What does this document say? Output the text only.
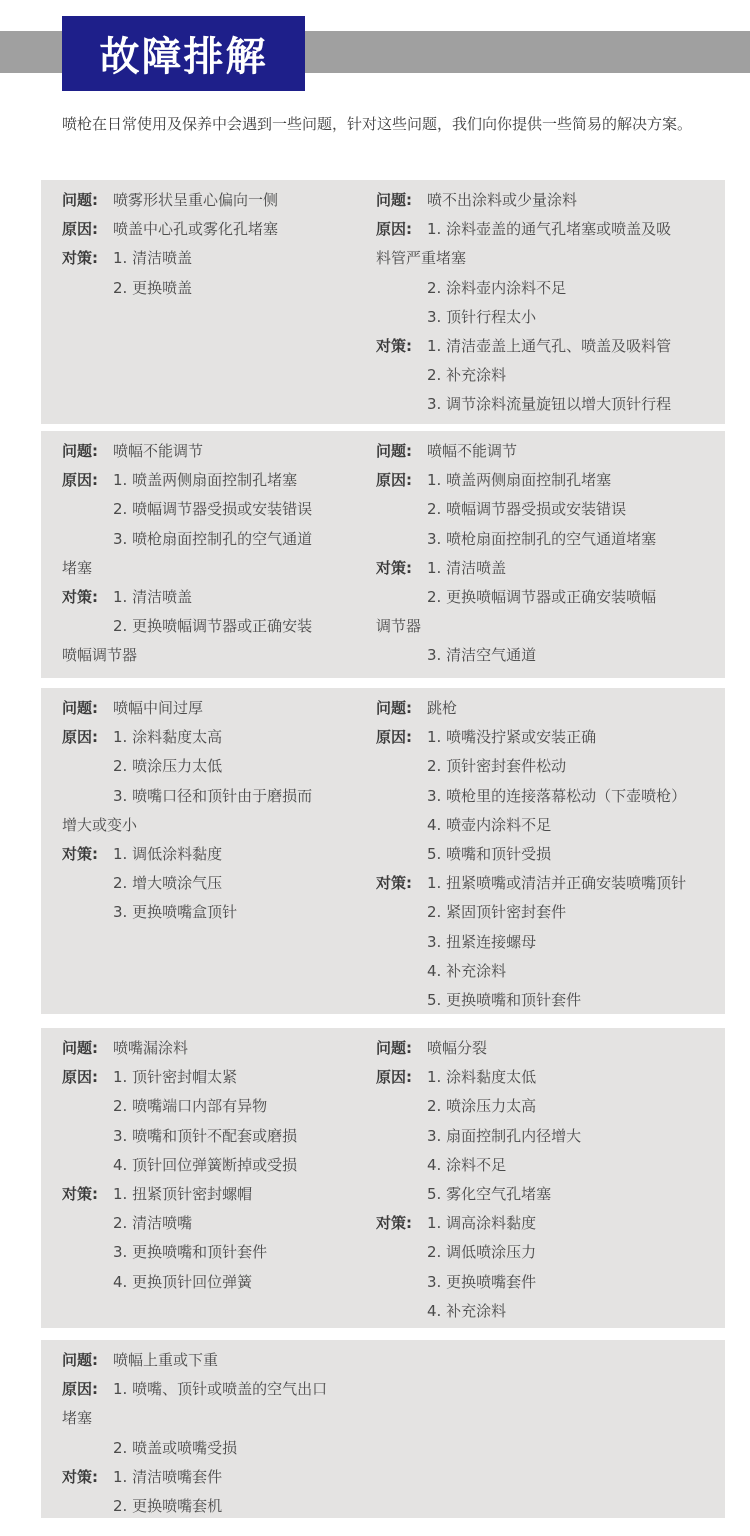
故障排解

喷枪在日常使用及保养中会遇到一些问题，针对这些问题，我们向你提供一些简易的解决方案。

问题: 喷雾形状呈重心偏向一侧
原因: 喷盖中心孔或雾化孔堵塞
对策: 1. 清洁喷盖
2. 更换喷盖
问题: 喷不出涂料或少量涂料
原因: 1. 涂料壶盖的通气孔堵塞或喷盖及吸
料管严重堵塞
2. 涂料壶内涂料不足
3. 顶针行程太小
对策: 1. 清洁壶盖上通气孔、喷盖及吸料管
2. 补充涂料
3. 调节涂料流量旋钮以增大顶针行程
问题: 喷幅不能调节
原因: 1. 喷盖两侧扇面控制孔堵塞
2. 喷幅调节器受损或安装错误
3. 喷枪扇面控制孔的空气通道
堵塞
对策: 1. 清洁喷盖
2. 更换喷幅调节器或正确安装
喷幅调节器
问题: 喷幅不能调节
原因: 1. 喷盖两侧扇面控制孔堵塞
2. 喷幅调节器受损或安装错误
3. 喷枪扇面控制孔的空气通道堵塞
对策: 1. 清洁喷盖
2. 更换喷幅调节器或正确安装喷幅
调节器
3. 清洁空气通道
问题: 喷幅中间过厚
原因: 1. 涂料黏度太高
2. 喷涂压力太低
3. 喷嘴口径和顶针由于磨损而
增大或变小
对策: 1. 调低涂料黏度
2. 增大喷涂气压
3. 更换喷嘴盒顶针
问题: 跳枪
原因: 1. 喷嘴没拧紧或安装正确
2. 顶针密封套件松动
3. 喷枪里的连接落幕松动（下壶喷枪）
4. 喷壶内涂料不足
5. 喷嘴和顶针受损
对策: 1. 扭紧喷嘴或清洁并正确安装喷嘴顶针
2. 紧固顶针密封套件
3. 扭紧连接螺母
4. 补充涂料
5. 更换喷嘴和顶针套件
问题: 喷嘴漏涂料
原因: 1. 顶针密封帽太紧
2. 喷嘴端口内部有异物
3. 喷嘴和顶针不配套或磨损
4. 顶针回位弹簧断掉或受损
对策: 1. 扭紧顶针密封螺帽
2. 清洁喷嘴
3. 更换喷嘴和顶针套件
4. 更换顶针回位弹簧
问题: 喷幅分裂
原因: 1. 涂料黏度太低
2. 喷涂压力太高
3. 扇面控制孔内径增大
4. 涂料不足
5. 雾化空气孔堵塞
对策: 1. 调高涂料黏度
2. 调低喷涂压力
3. 更换喷嘴套件
4. 补充涂料
问题: 喷幅上重或下重
原因: 1. 喷嘴、顶针或喷盖的空气出口
堵塞
2. 喷盖或喷嘴受损
对策: 1. 清洁喷嘴套件
2. 更换喷嘴套机
